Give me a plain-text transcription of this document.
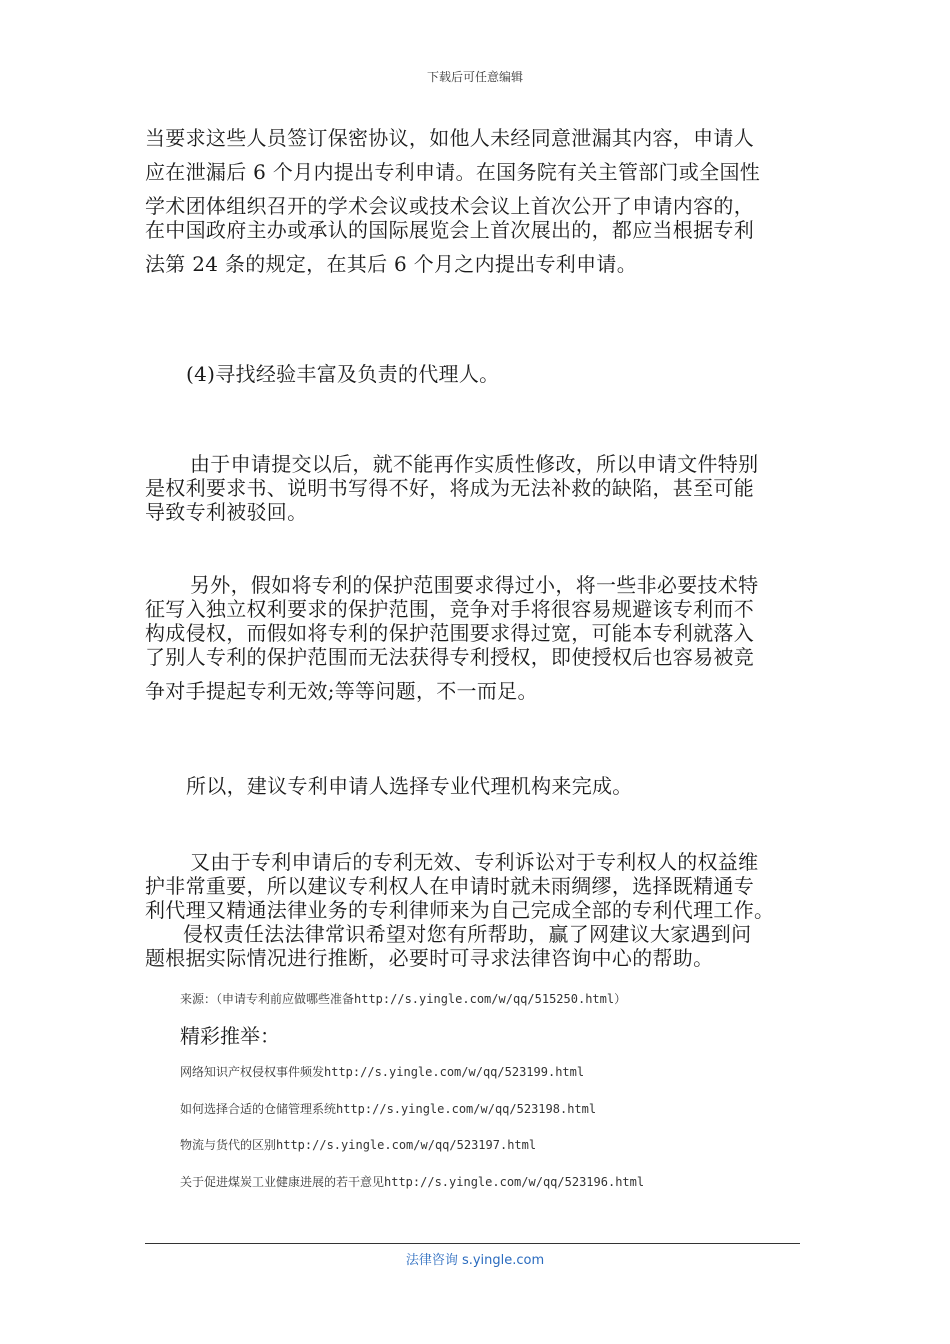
下载后可任意编辑
当要求这些人员签订保密协议，如他人未经同意泄漏其内容，申请人
应在泄漏后 6 个月内提出专利申请。在国务院有关主管部门或全国性
学术团体组织召开的学术会议或技术会议上首次公开了申请内容的，
在中国政府主办或承认的国际展览会上首次展出的，都应当根据专利
法第 24 条的规定，在其后 6 个月之内提出专利申请。
(4)寻找经验丰富及负责的代理人。
由于申请提交以后，就不能再作实质性修改，所以申请文件特别
是权利要求书、说明书写得不好，将成为无法补救的缺陷，甚至可能
导致专利被驳回。
另外，假如将专利的保护范围要求得过小，将一些非必要技术特
征写入独立权利要求的保护范围，竞争对手将很容易规避该专利而不
构成侵权，而假如将专利的保护范围要求得过宽，可能本专利就落入
了别人专利的保护范围而无法获得专利授权，即使授权后也容易被竞
争对手提起专利无效;等等问题，不一而足。
所以，建议专利申请人选择专业代理机构来完成。
又由于专利申请后的专利无效、专利诉讼对于专利权人的权益维
护非常重要，所以建议专利权人在申请时就未雨绸缪，选择既精通专
利代理又精通法律业务的专利律师来为自己完成全部的专利代理工作。
侵权责任法法律常识希望对您有所帮助，赢了网建议大家遇到问
题根据实际情况进行推断，必要时可寻求法律咨询中心的帮助。
来源：（申请专利前应做哪些准备http://s.yingle.com/w/qq/515250.html）
精彩推举：
网络知识产权侵权事件频发http://s.yingle.com/w/qq/523199.html
如何选择合适的仓储管理系统http://s.yingle.com/w/qq/523198.html
物流与货代的区别http://s.yingle.com/w/qq/523197.html
关于促进煤炭工业健康进展的若干意见http://s.yingle.com/w/qq/523196.html
法律咨询 s.yingle.com
